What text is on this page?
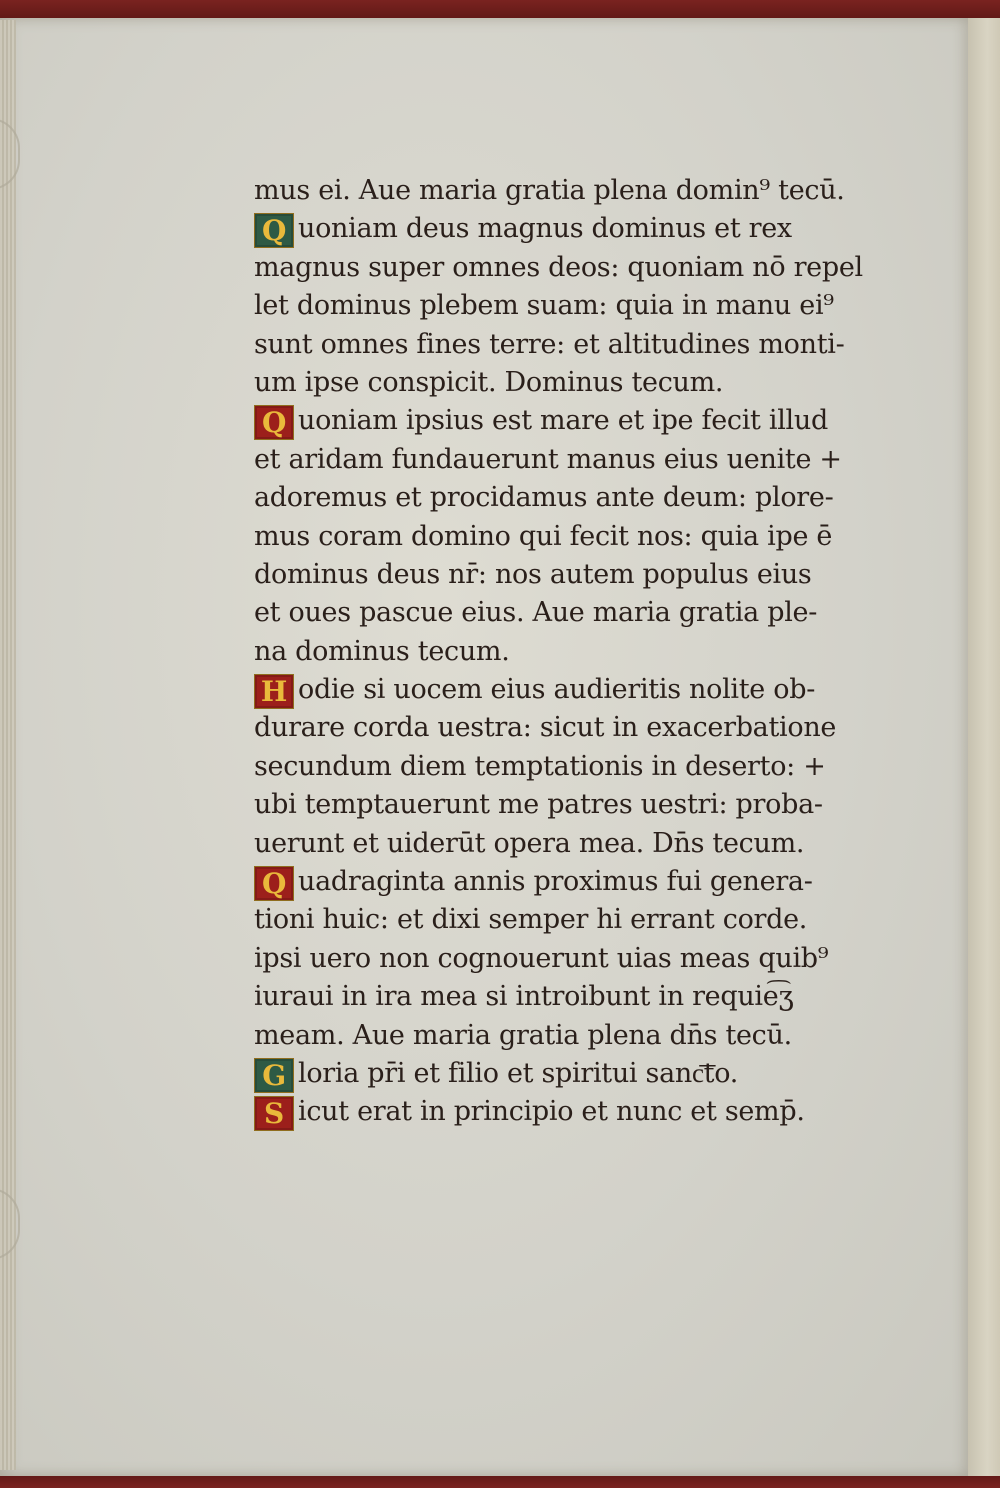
mus ei. Aue maria gratia plena domin⁹ tecū.
Q uoniam deus magnus dominus et rex
magnus super omnes deos: quoniam nō repel
let dominus plebem suam: quia in manu ei⁹
sunt omnes fines terre: et altitudines monti-
um ipse conspicit. Dominus tecum.
Q uoniam ipsius est mare et ipe fecit illud
et aridam fundauerunt manus eius uenite +
adoremus et procidamus ante deum: plore-
mus coram domino qui fecit nos: quia ipe ē
dominus deus nr̄: nos autem populus eius
et oues pascue eius. Aue maria gratia ple-
na dominus tecum.
H odie si uocem eius audieritis nolite ob-
durare corda uestra: sicut in exacerbatione
secundum diem temptationis in deserto: +
ubi temptauerunt me patres uestri: proba-
uerunt et uiderūt opera mea. Dn̄s tecum.
Q uadraginta annis proximus fui genera-
tioni huic: et dixi semper hi errant corde.
ipsi uero non cognouerunt uias meas quib⁹
iuraui in ira mea si introibunt in requie͡ʒ
meam. Aue maria gratia plena dn̄s tecū.
G loria pr̄i et filio et spiritui sanc͞to.
S icut erat in principio et nunc et semp̄.
